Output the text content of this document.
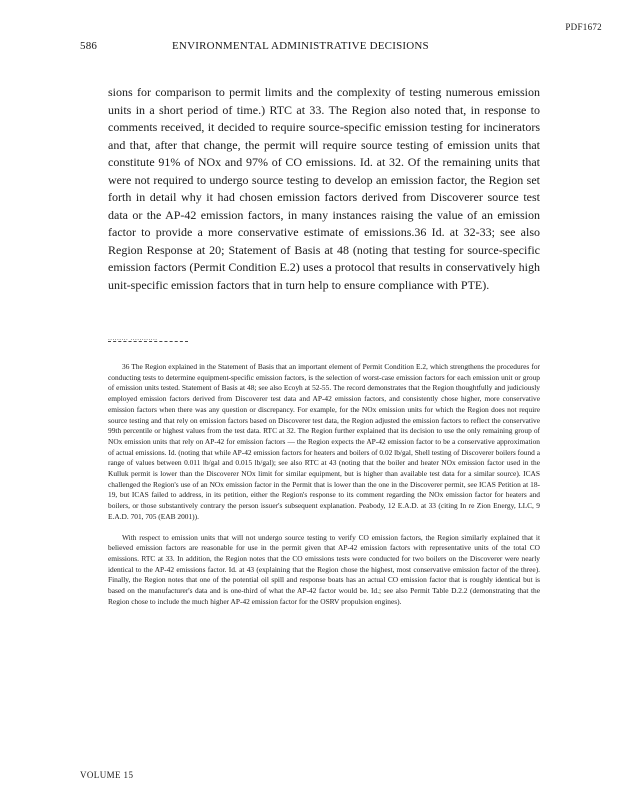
PDF1672
586	ENVIRONMENTAL ADMINISTRATIVE DECISIONS

sions for comparison to permit limits and the complexity of testing numerous emission units in a short period of time.) RTC at 33. The Region also noted that, in response to comments received, it decided to require source-specific emission testing for incinerators and that, after that change, the permit will require source testing of emission units that constitute 91% of NOx and 97% of CO emissions. Id. at 32. Of the remaining units that were not required to undergo source testing to develop an emission factor, the Region set forth in detail why it had chosen emission factors derived from Discoverer source test data or the AP-42 emission factors, in many instances raising the value of an emission factor to provide a more conservative estimate of emissions.36 Id. at 32-33; see also Region Response at 20; Statement of Basis at 48 (noting that testing for source-specific emission factors (Permit Condition E.2) uses a protocol that results in conservatively high unit-specific emission factors that in turn help to ensure compliance with PTE).

......... ............

36 The Region explained in the Statement of Basis that an important element of Permit Condition E.2, which strengthens the procedures for conducting tests to determine equipment-specific emission factors, is the selection of worst-case emission factors for each emission unit or group of emission units tested. Statement of Basis at 48; see also Ecoyh at 52-55. The record demonstrates that the Region thoughtfully and judiciously employed emission factors derived from Discoverer test data and AP-42 emission factors, and consistently chose higher, more conservative emission factors when there was any question or discrepancy. For example, for the NOx emission units for which the Region does not require source testing and that rely on emission factors based on Discoverer test data, the Region adjusted the emission factors to reflect the conservative 99th percentile or highest values from the test data. RTC at 32. The Region further explained that its decision to use the only remaining group of NOx emission units that rely on AP-42 for emission factors — the Region expects the AP-42 emission factor to be a conservative approximation of actual emissions. Id. (noting that while AP-42 emission factors for heaters and boilers of 0.02 lb/gal, Shell testing of Discoverer boilers found a range of values between 0.011 lb/gal and 0.015 lb/gal); see also RTC at 43 (noting that the boiler and heater NOx emission factor used in the Kulluk permit is lower than the Discoverer NOx limit for similar equipment, but is higher than available test data for a similar source). ICAS challenged the Region's use of an NOx emission factor in the Permit that is lower than the one in the Discoverer permit, see ICAS Petition at 18-19, but ICAS failed to address, in its petition, either the Region's response to its comment regarding the NOx emission factor for heaters and boilers, or those substantively contrary the person issuer's subsequent explanation. Peabody, 12 E.A.D. at 33 (citing In re Zion Energy, LLC, 9 E.A.D. 701, 705 (EAB 2001)).

With respect to emission units that will not undergo source testing to verify CO emission factors, the Region similarly explained that it believed emission factors are reasonable for use in the permit given that AP-42 emission factors with representative units of the total CO emissions. RTC at 33. In addition, the Region notes that the CO emissions tests were conducted for two boilers on the Discoverer were nearly identical to the AP-42 emissions factor. Id. at 43 (explaining that the Region chose the highest, most conservative emission factor of the three). Finally, the Region notes that one of the potential oil spill and response boats has an actual CO emission factor that is roughly identical but is based on the manufacturer's data and is one-third of what the AP-42 factor would be. Id.; see also Permit Table D.2.2 (demonstrating that the Region chose to include the much higher AP-42 emission factor for the OSRV propulsion engines).

VOLUME 15
